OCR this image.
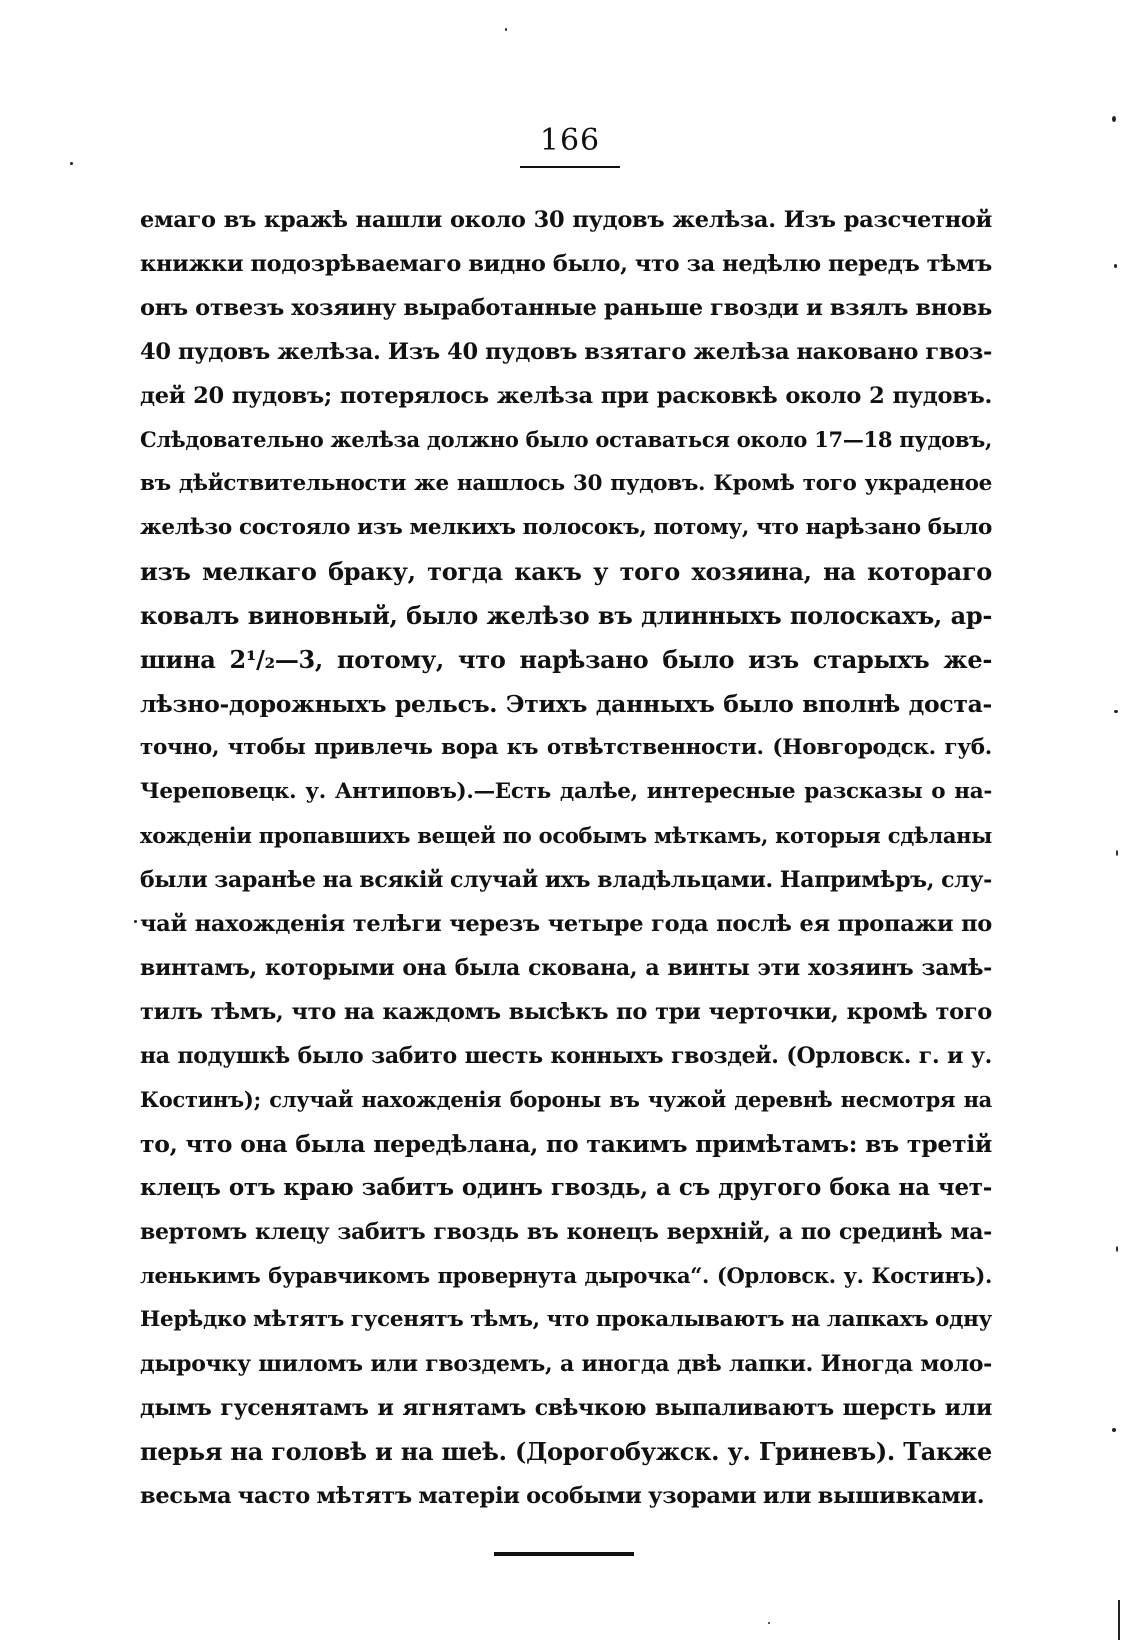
166
емаго въ кражѣ нашли около 30 пудовъ желѣза. Изъ разсчетной
книжки подозрѣваемаго видно было, что за недѣлю передъ тѣмъ
онъ отвезъ хозяину выработанные раньше гвозди и взялъ вновь
40 пудовъ желѣза. Изъ 40 пудовъ взятаго желѣза наковано гвоз-
дей 20 пудовъ; потерялось желѣза при расковкѣ около 2 пудовъ.
Слѣдовательно желѣза должно было оставаться около 17—18 пудовъ,
въ дѣйствительности же нашлось 30 пудовъ. Кромѣ того украденое
желѣзо состояло изъ мелкихъ полосокъ, потому, что нарѣзано было
изъ мелкаго браку, тогда какъ у того хозяина, на котораго
ковалъ виновный, было желѣзо въ длинныхъ полоскахъ, ар-
шина 2¹/₂—3, потому, что нарѣзано было изъ старыхъ же-
лѣзно-дорожныхъ рельсъ. Этихъ данныхъ было вполнѣ доста-
точно, чтобы привлечь вора къ отвѣтственности. (Новгородск. губ.
Череповецк. у. Антиповъ).—Есть далѣе, интересные разсказы о на-
хожденіи пропавшихъ вещей по особымъ мѣткамъ, которыя сдѣланы
были заранѣе на всякій случай ихъ владѣльцами. Напримѣръ, слу-
чай нахожденія телѣги черезъ четыре года послѣ ея пропажи по
винтамъ, которыми она была скована, а винты эти хозяинъ замѣ-
тилъ тѣмъ, что на каждомъ высѣкъ по три черточки, кромѣ того
на подушкѣ было забито шесть конныхъ гвоздей. (Орловск. г. и у.
Костинъ); случай нахожденія бороны въ чужой деревнѣ несмотря на
то, что она была передѣлана, по такимъ примѣтамъ: въ третій
клецъ отъ краю забитъ одинъ гвоздь, а съ другого бока на чет-
вертомъ клецу забитъ гвоздь въ конецъ верхній, а по срединѣ ма-
ленькимъ буравчикомъ провернута дырочка“. (Орловск. у. Костинъ).
Нерѣдко мѣтятъ гусенятъ тѣмъ, что прокалываютъ на лапкахъ одну
дырочку шиломъ или гвоздемъ, а иногда двѣ лапки. Иногда моло-
дымъ гусенятамъ и ягнятамъ свѣчкою выпаливаютъ шерсть или
перья на головѣ и на шеѣ. (Дорогобужск. у. Гриневъ). Также
весьма часто мѣтятъ матеріи особыми узорами или вышивками.
